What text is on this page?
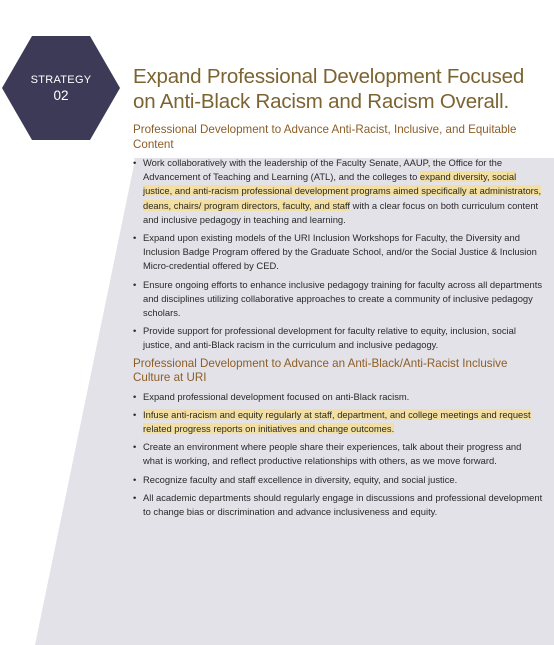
STRATEGY
02
Expand Professional Development Focused
on Anti-Black Racism and Racism Overall.
Professional Development to Advance Anti-Racist, Inclusive, and Equitable Content
• Work collaboratively with the leadership of the Faculty Senate, AAUP, the Office for the Advancement of Teaching and Learning (ATL), and the colleges to expand diversity, social justice, and anti-racism professional development programs aimed specifically at administrators, deans, chairs/ program directors, faculty, and staff with a clear focus on both curriculum content and inclusive pedagogy in teaching and learning.
• Expand upon existing models of the URI Inclusion Workshops for Faculty, the Diversity and Inclusion Badge Program offered by the Graduate School, and/or the Social Justice & Inclusion Micro-credential offered by CED.
• Ensure ongoing efforts to enhance inclusive pedagogy training for faculty across all departments and disciplines utilizing collaborative approaches to create a community of inclusive pedagogy scholars.
• Provide support for professional development for faculty relative to equity, inclusion, social justice, and anti-Black racism in the curriculum and inclusive pedagogy.
Professional Development to Advance an Anti-Black/Anti-Racist Inclusive Culture at URI
• Expand professional development focused on anti-Black racism.
• Infuse anti-racism and equity regularly at staff, department, and college meetings and request related progress reports on initiatives and change outcomes.
• Create an environment where people share their experiences, talk about their progress and what is working, and reflect productive relationships with others, as we move forward.
• Recognize faculty and staff excellence in diversity, equity, and social justice.
• All academic departments should regularly engage in discussions and professional development to change bias or discrimination and advance inclusiveness and equity.
